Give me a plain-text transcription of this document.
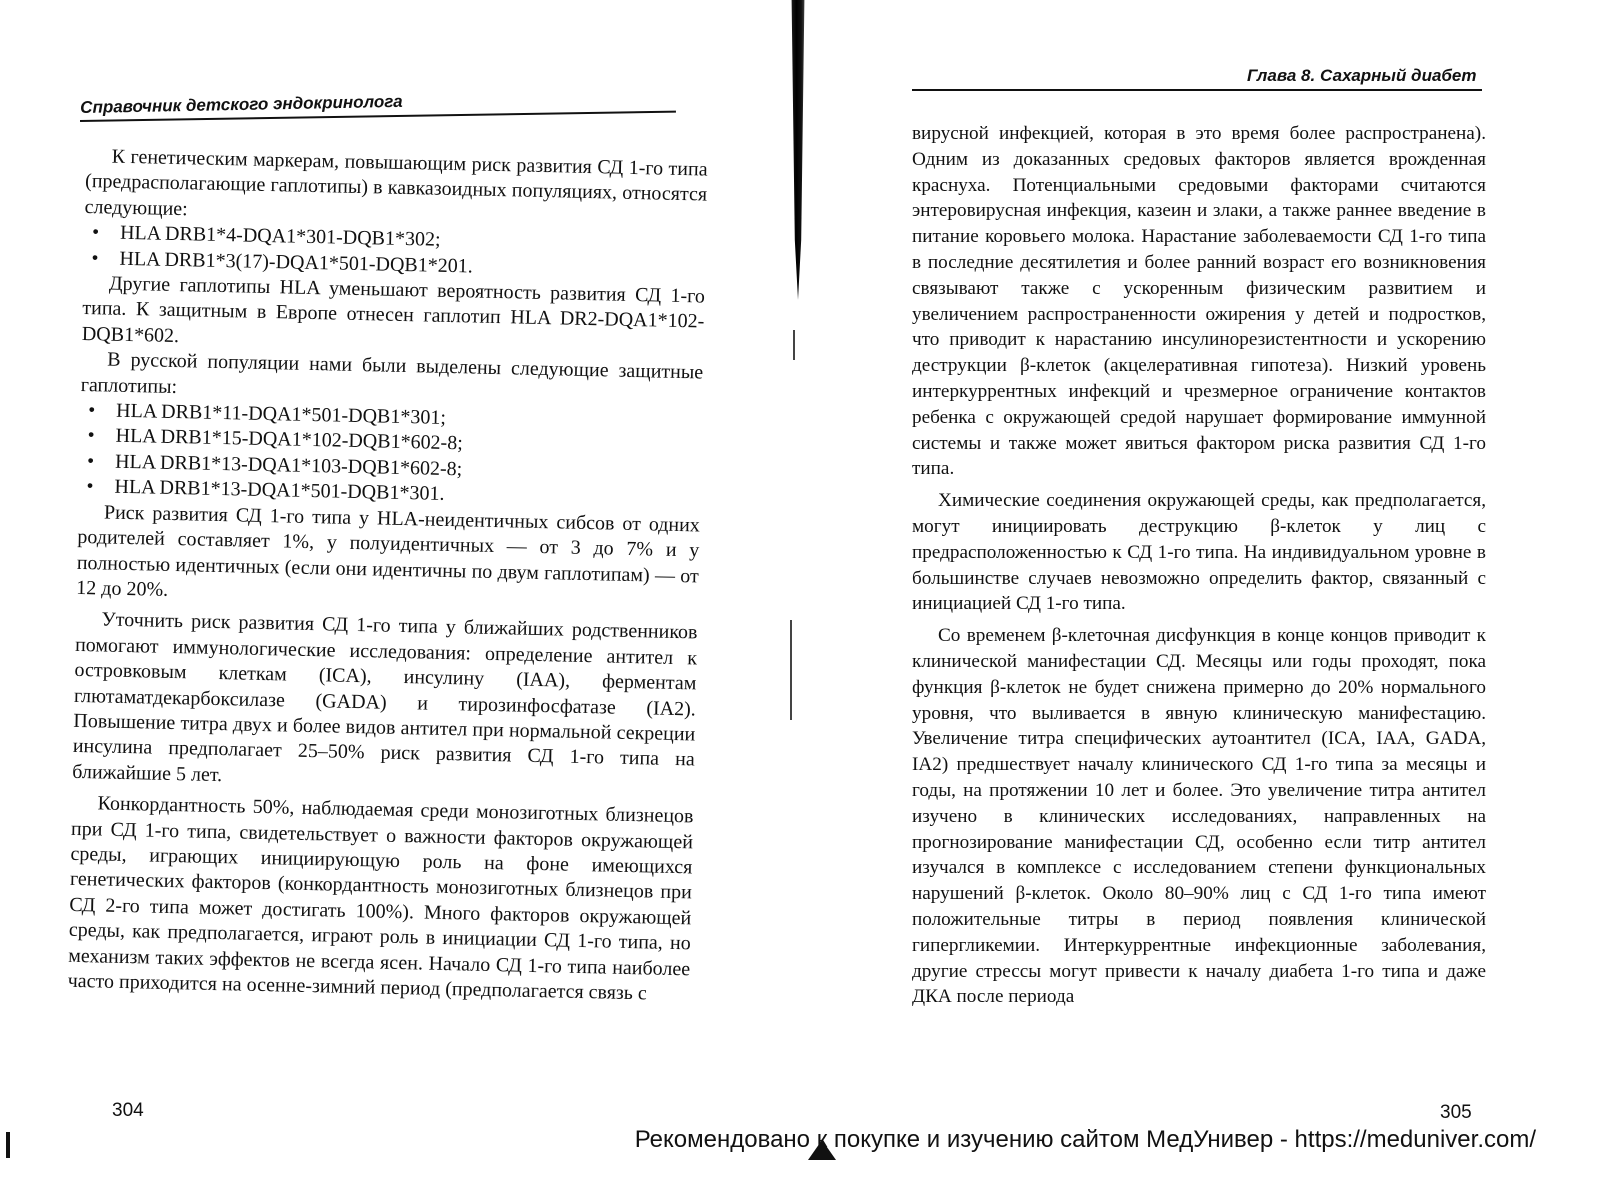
Справочник детского эндокринолога

К генетическим маркерам, повышающим риск развития СД 1-го типа (предрасполагающие гаплотипы) в кавказоидных популяциях, относятся следующие:

• HLA DRB1*4-DQA1*301-DQB1*302;
• HLA DRB1*3(17)-DQA1*501-DQB1*201.

Другие гаплотипы HLA уменьшают вероятность развития СД 1-го типа. К защитным в Европе отнесен гаплотип HLA DR2-DQA1*102-DQB1*602.

В русской популяции нами были выделены следующие защитные гаплотипы:

• HLA DRB1*11-DQA1*501-DQB1*301;
• HLA DRB1*15-DQA1*102-DQB1*602-8;
• HLA DRB1*13-DQA1*103-DQB1*602-8;
• HLA DRB1*13-DQA1*501-DQB1*301.

Риск развития СД 1-го типа у HLA-неидентичных сибсов от одних родителей составляет 1%, у полуидентичных — от 3 до 7% и у полностью идентичных (если они идентичны по двум гаплотипам) — от 12 до 20%.

Уточнить риск развития СД 1-го типа у ближайших родственников помогают иммунологические исследования: определение антител к островковым клеткам (ICA), инсулину (IAA), ферментам глютаматдекарбоксилазе (GADA) и тирозинфосфатазе (IA2). Повышение титра двух и более видов антител при нормальной секреции инсулина предполагает 25–50% риск развития СД 1-го типа на ближайшие 5 лет.

Конкордантность 50%, наблюдаемая среди монозиготных близнецов при СД 1-го типа, свидетельствует о важности факторов окружающей среды, играющих инициирующую роль на фоне имеющихся генетических факторов (конкордантность монозиготных близнецов при СД 2-го типа может достигать 100%). Много факторов окружающей среды, как предполагается, играют роль в инициации СД 1-го типа, но механизм таких эффектов не всегда ясен. Начало СД 1-го типа наиболее часто приходится на осенне-зимний период (предполагается связь с

304
Глава 8. Сахарный диабет

вирусной инфекцией, которая в это время более распространена). Одним из доказанных средовых факторов является врожденная краснуха. Потенциальными средовыми факторами считаются энтеровирусная инфекция, казеин и злаки, а также раннее введение в питание коровьего молока. Нарастание заболеваемости СД 1-го типа в последние десятилетия и более ранний возраст его возникновения связывают также с ускоренным физическим развитием и увеличением распространенности ожирения у детей и подростков, что приводит к нарастанию инсулинорезистентности и ускорению деструкции β-клеток (акцелеративная гипотеза). Низкий уровень интеркуррентных инфекций и чрезмерное ограничение контактов ребенка с окружающей средой нарушает формирование иммунной системы и также может явиться фактором риска развития СД 1-го типа.

Химические соединения окружающей среды, как предполагается, могут инициировать деструкцию β-клеток у лиц с предрасположенностью к СД 1-го типа. На индивидуальном уровне в большинстве случаев невозможно определить фактор, связанный с инициацией СД 1-го типа.

Со временем β-клеточная дисфункция в конце концов приводит к клинической манифестации СД. Месяцы или годы проходят, пока функция β-клеток не будет снижена примерно до 20% нормального уровня, что выливается в явную клиническую манифестацию. Увеличение титра специфических аутоантител (ICA, IAA, GADA, IA2) предшествует началу клинического СД 1-го типа за месяцы и годы, на протяжении 10 лет и более. Это увеличение титра антител изучено в клинических исследованиях, направленных на прогнозирование манифестации СД, особенно если титр антител изучался в комплексе с исследованием степени функциональных нарушений β-клеток. Около 80–90% лиц с СД 1-го типа имеют положительные титры в период появления клинической гипергликемии. Интеркуррентные инфекционные заболевания, другие стрессы могут привести к началу диабета 1-го типа и даже ДКА после периода

305
Рекомендовано к покупке и изучению сайтом МедУнивер - https://meduniver.com/
